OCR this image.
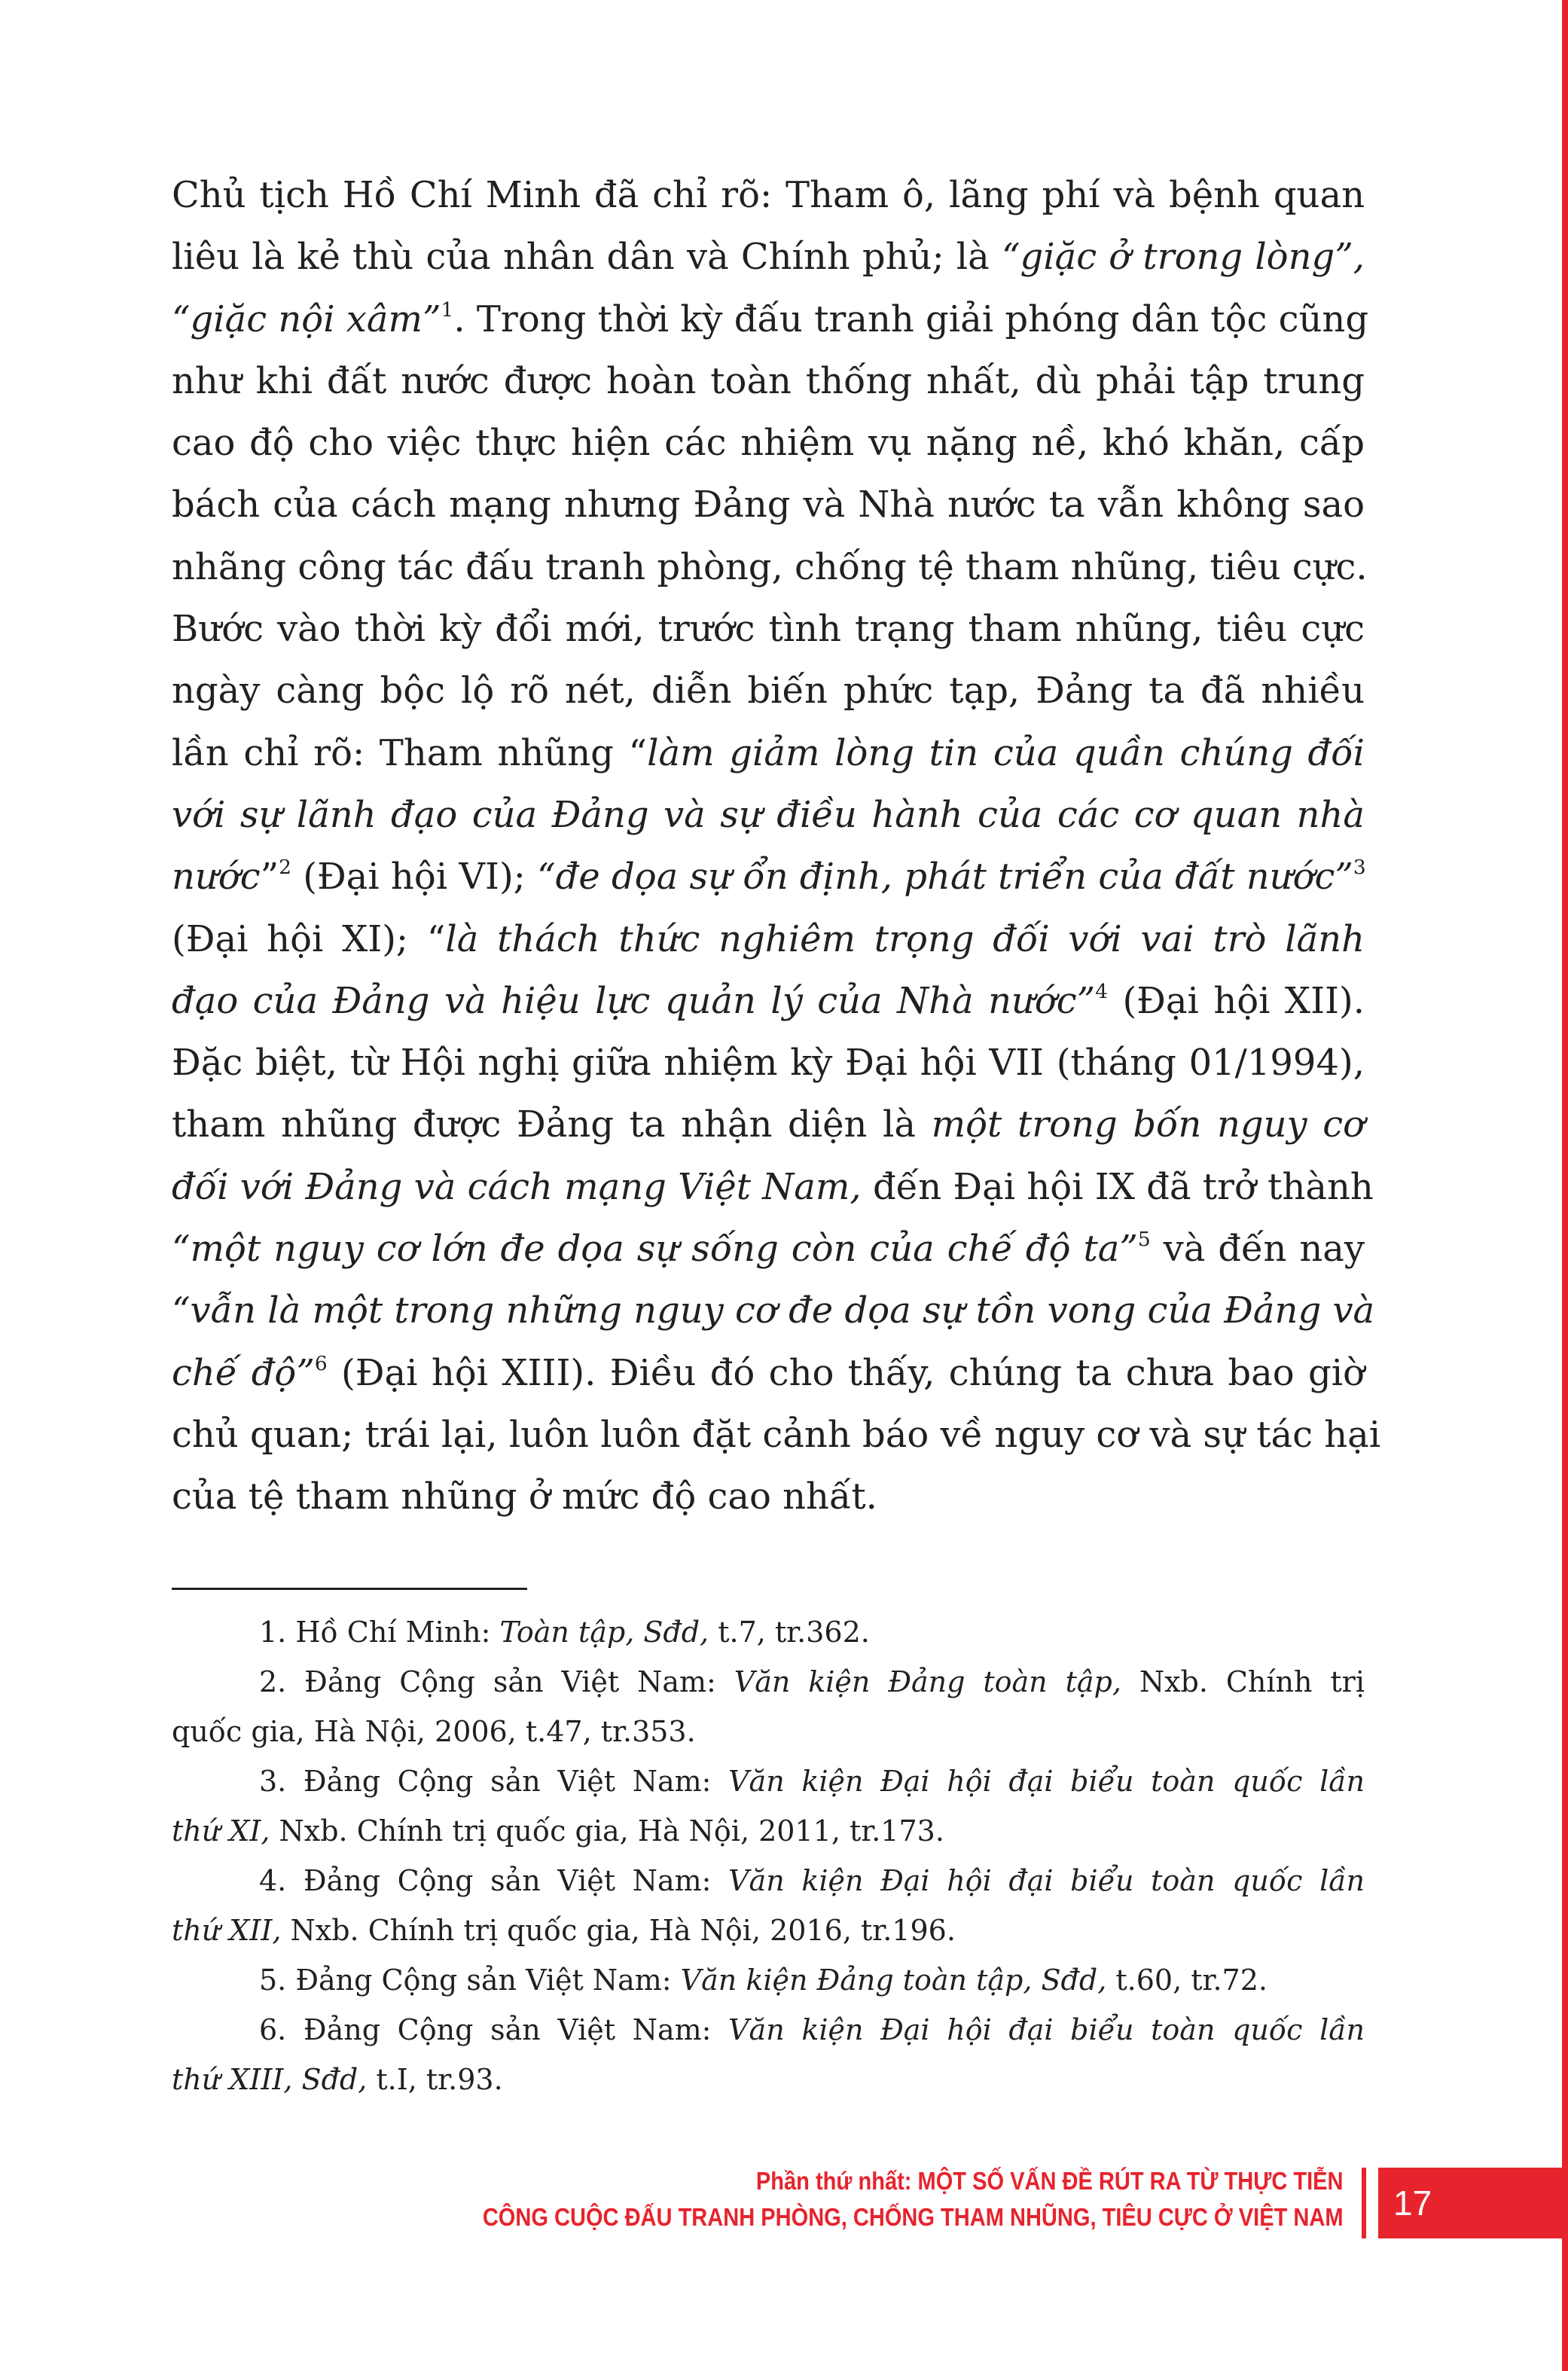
Chủ tịch Hồ Chí Minh đã chỉ rõ: Tham ô, lãng phí và bệnh quan
liêu là kẻ thù của nhân dân và Chính phủ; là “giặc ở trong lòng”,
“giặc nội xâm”$^1$. Trong thời kỳ đấu tranh giải phóng dân tộc cũng
như khi đất nước được hoàn toàn thống nhất, dù phải tập trung
cao độ cho việc thực hiện các nhiệm vụ nặng nề, khó khăn, cấp
bách của cách mạng nhưng Đảng và Nhà nước ta vẫn không sao
nhãng công tác đấu tranh phòng, chống tệ tham nhũng, tiêu cực.
Bước vào thời kỳ đổi mới, trước tình trạng tham nhũng, tiêu cực
ngày càng bộc lộ rõ nét, diễn biến phức tạp, Đảng ta đã nhiều
lần chỉ rõ: Tham nhũng “làm giảm lòng tin của quần chúng đối
với sự lãnh đạo của Đảng và sự điều hành của các cơ quan nhà
nước”$^2$ (Đại hội VI); “đe dọa sự ổn định, phát triển của đất nước”$^3$
(Đại hội XI); “là thách thức nghiêm trọng đối với vai trò lãnh
đạo của Đảng và hiệu lực quản lý của Nhà nước”$^4$ (Đại hội XII).
Đặc biệt, từ Hội nghị giữa nhiệm kỳ Đại hội VII (tháng 01/1994),
tham nhũng được Đảng ta nhận diện là một trong bốn nguy cơ
đối với Đảng và cách mạng Việt Nam, đến Đại hội IX đã trở thành
“một nguy cơ lớn đe dọa sự sống còn của chế độ ta”$^5$ và đến nay
“vẫn là một trong những nguy cơ đe dọa sự tồn vong của Đảng và
chế độ”$^6$ (Đại hội XIII). Điều đó cho thấy, chúng ta chưa bao giờ
chủ quan; trái lại, luôn luôn đặt cảnh báo về nguy cơ và sự tác hại
của tệ tham nhũng ở mức độ cao nhất.
1. Hồ Chí Minh: Toàn tập, Sđd, t.7, tr.362.
2. Đảng Cộng sản Việt Nam: Văn kiện Đảng toàn tập, Nxb. Chính trị
quốc gia, Hà Nội, 2006, t.47, tr.353.
3. Đảng Cộng sản Việt Nam: Văn kiện Đại hội đại biểu toàn quốc lần
thứ XI, Nxb. Chính trị quốc gia, Hà Nội, 2011, tr.173.
4. Đảng Cộng sản Việt Nam: Văn kiện Đại hội đại biểu toàn quốc lần
thứ XII, Nxb. Chính trị quốc gia, Hà Nội, 2016, tr.196.
5. Đảng Cộng sản Việt Nam: Văn kiện Đảng toàn tập, Sđd, t.60, tr.72.
6. Đảng Cộng sản Việt Nam: Văn kiện Đại hội đại biểu toàn quốc lần
thứ XIII, Sđd, t.I, tr.93.
Phần thứ nhất: MỘT SỐ VẤN ĐỀ RÚT RA TỪ THỰC TIỄN
CÔNG CUỘC ĐẤU TRANH PHÒNG, CHỐNG THAM NHŨNG, TIÊU CỰC Ở VIỆT NAM 17
